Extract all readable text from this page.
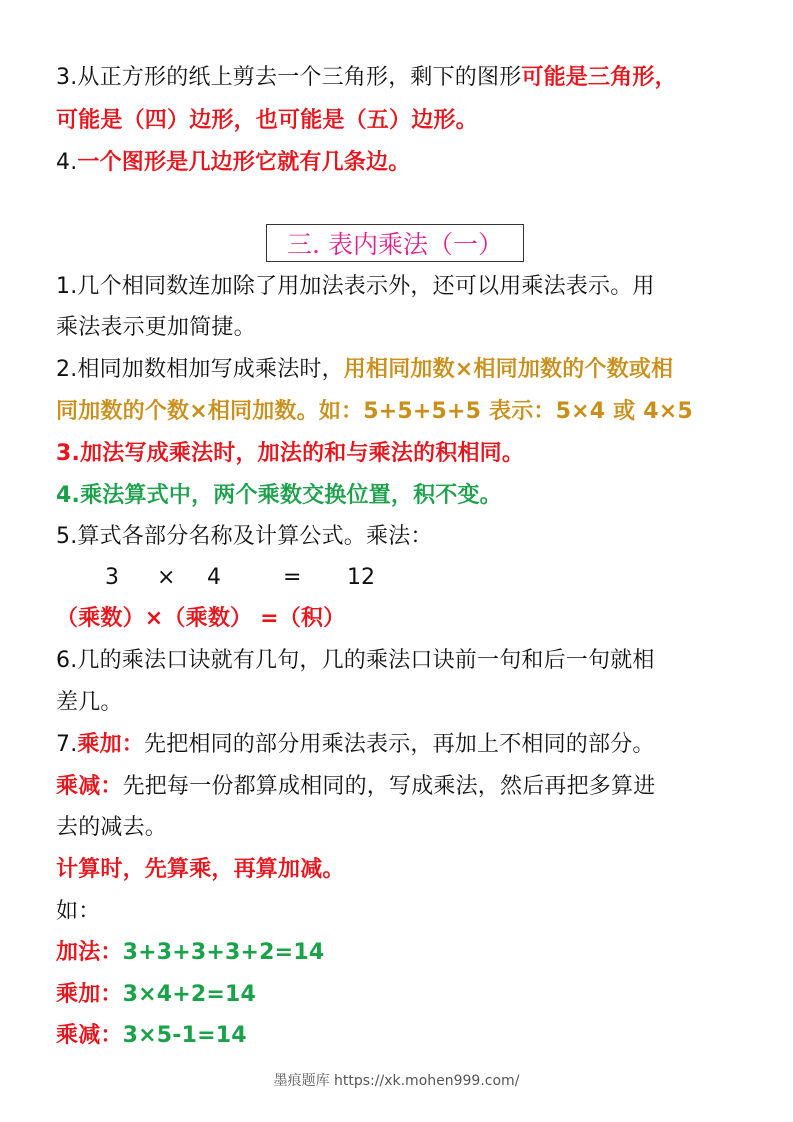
3.从正方形的纸上剪去一个三角形，剩下的图形可能是三角形，
可能是（四）边形，也可能是（五）边形。
4.一个图形是几边形它就有几条边。
三. 表内乘法（一）
1.几个相同数连加除了用加法表示外，还可以用乘法表示。用
乘法表示更加简捷。
2.相同加数相加写成乘法时，用相同加数×相同加数的个数或相
同加数的个数×相同加数。如：5+5+5+5 表示：5×4 或 4×5
3.加法写成乘法时，加法的和与乘法的积相同。
4.乘法算式中，两个乘数交换位置，积不变。
5.算式各部分名称及计算公式。乘法：
3 × 4	= 12
（乘数）×（乘数） =（积）
6.几的乘法口诀就有几句，几的乘法口诀前一句和后一句就相
差几。
7.乘加：先把相同的部分用乘法表示，再加上不相同的部分。
乘减：先把每一份都算成相同的，写成乘法，然后再把多算进
去的减去。
计算时，先算乘，再算加减。
如：
加法：3+3+3+3+2=14
乘加：3×4+2=14
乘减：3×5-1=14
墨痕题库 https://xk.mohen999.com/
